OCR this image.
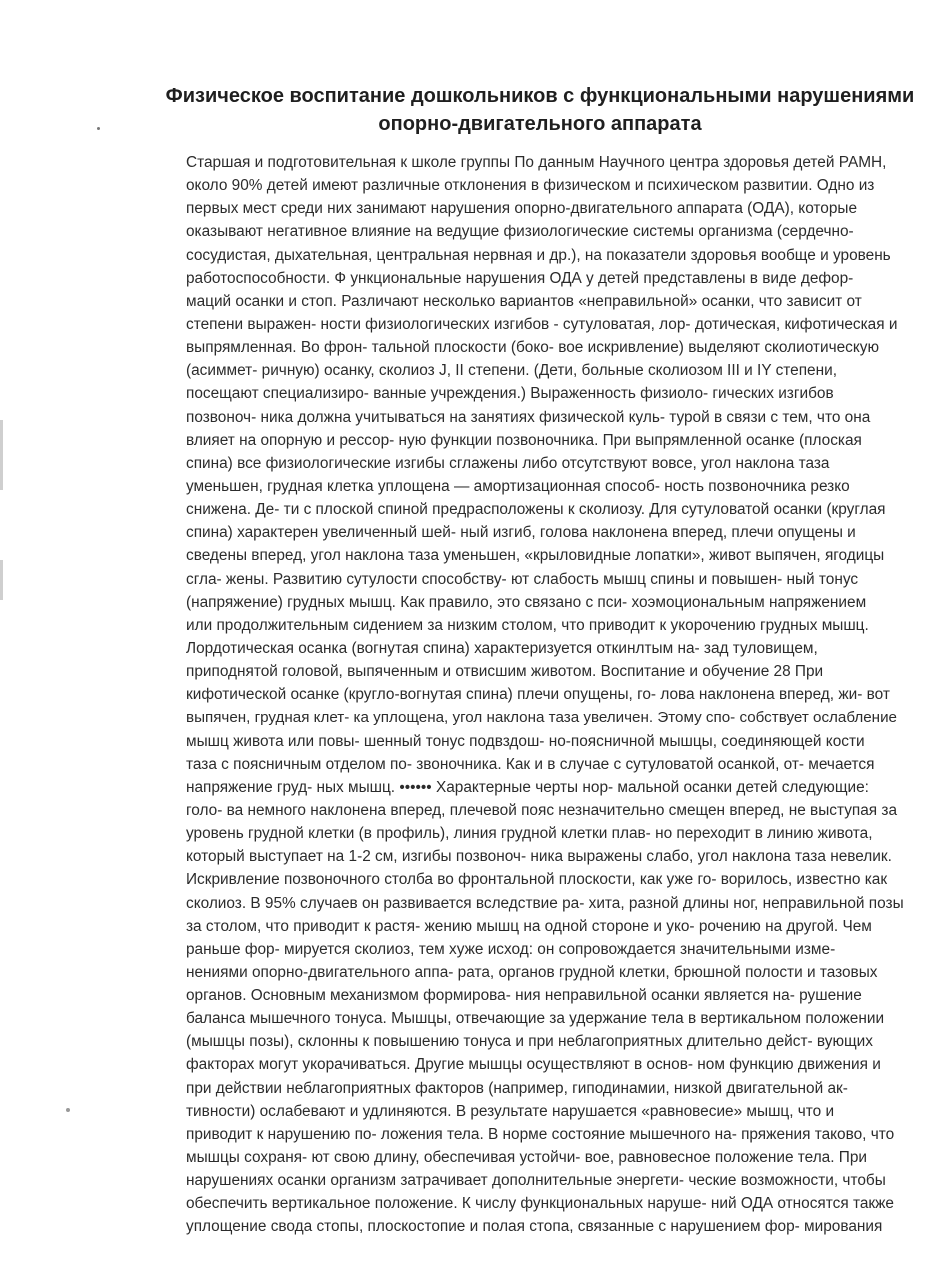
Физическое воспитание дошкольников с функциональными нарушениями
опорно-двигательного аппарата
Старшая и подготовительная к школе группы По данным Научного центра здоровья детей РАМН,
около 90% детей имеют различные отклонения в физическом и психическом развитии. Одно из
первых мест среди них занимают нарушения опорно-двигательного аппарата (ОДА), которые
оказывают негативное влияние на ведущие физиологические системы организма (сердечно-
сосудистая, дыхательная, центральная нервная и др.), на показатели здоровья вообще и уровень
работоспособности. Ф ункциональные нарушения ОДА у детей представлены в виде дефор-
маций осанки и стоп. Различают несколько вариантов «неправильной» осанки, что зависит от
степени выражен- ности физиологических изгибов - сутуловатая, лор- дотическая, кифотическая и
выпрямленная. Во фрон- тальной плоскости (боко- вое искривление) выделяют сколиотическую
(асиммет- ричную) осанку, сколиоз J, II степени. (Дети, больные сколиозом III и IY степени,
посещают специализиро- ванные учреждения.) Выраженность физиоло- гических изгибов
позвоноч- ника должна учитываться на занятиях физической куль- турой в связи с тем, что она
влияет на опорную и рессор- ную функции позвоночника. При выпрямленной осанке (плоская
спина) все физиологические изгибы сглажены либо отсутствуют вовсе, угол наклона таза
уменьшен, грудная клетка уплощена — амортизационная способ- ность позвоночника резко
снижена. Де- ти с плоской спиной предрасположены к сколиозу. Для сутуловатой осанки (круглая
спина) характерен увеличенный шей- ный изгиб, голова наклонена вперед, плечи опущены и
сведены вперед, угол наклона таза уменьшен, «крыловидные лопатки», живот выпячен, ягодицы
сгла- жены. Развитию сутулости способству- ют слабость мышц спины и повышен- ный тонус
(напряжение) грудных мышц. Как правило, это связано с пси- хоэмоциональным напряжением
или продолжительным сидением за низким столом, что приводит к укорочению грудных мышц.
Лордотическая осанка (вогнутая спина) характеризуется откинлтым на- зад туловищем,
приподнятой головой, выпяченным и отвисшим животом. Воспитание и обучение 28 При
кифотической осанке (кругло-вогнутая спина) плечи опущены, го- лова наклонена вперед, жи- вот
выпячен, грудная клет- ка уплощена, угол наклона таза увеличен. Этому спо- собствует ослабление
мышц живота или повы- шенный тонус подвздош- но-поясничной мышцы, соединяющей кости
таза с поясничным отделом по- звоночника. Как и в случае с сутуловатой осанкой, от- мечается
напряжение груд- ных мышц. •••••• Характерные черты нор- мальной осанки детей следующие:
голо- ва немного наклонена вперед, плечевой пояс незначительно смещен вперед, не выступая за
уровень грудной клетки (в профиль), линия грудной клетки плав- но переходит в линию живота,
который выступает на 1-2 см, изгибы позвоноч- ника выражены слабо, угол наклона таза невелик.
Искривление позвоночного столба во фронтальной плоскости, как уже го- ворилось, известно как
сколиоз. В 95% случаев он развивается вследствие ра- хита, разной длины ног, неправильной позы
за столом, что приводит к растя- жению мышц на одной стороне и уко- рочению на другой. Чем
раньше фор- мируется сколиоз, тем хуже исход: он сопровождается значительными изме-
нениями опорно-двигательного аппа- рата, органов грудной клетки, брюшной полости и тазовых
органов. Основным механизмом формирова- ния неправильной осанки является на- рушение
баланса мышечного тонуса. Мышцы, отвечающие за удержание тела в вертикальном положении
(мышцы позы), склонны к повышению тонуса и при неблагоприятных длительно дейст- вующих
факторах могут укорачиваться. Другие мышцы осуществляют в основ- ном функцию движения и
при действии неблагоприятных факторов (например, гиподинамии, низкой двигательной ак-
тивности) ослабевают и удлиняются. В результате нарушается «равновесие» мышц, что и
приводит к нарушению по- ложения тела. В норме состояние мышечного на- пряжения таково, что
мышцы сохраня- ют свою длину, обеспечивая устойчи- вое, равновесное положение тела. При
нарушениях осанки организм затрачивает дополнительные энергети- ческие возможности, чтобы
обеспечить вертикальное положение. К числу функциональных наруше- ний ОДА относятся также
уплощение свода стопы, плоскостопие и полая стопа, связанные с нарушением фор- мирования
